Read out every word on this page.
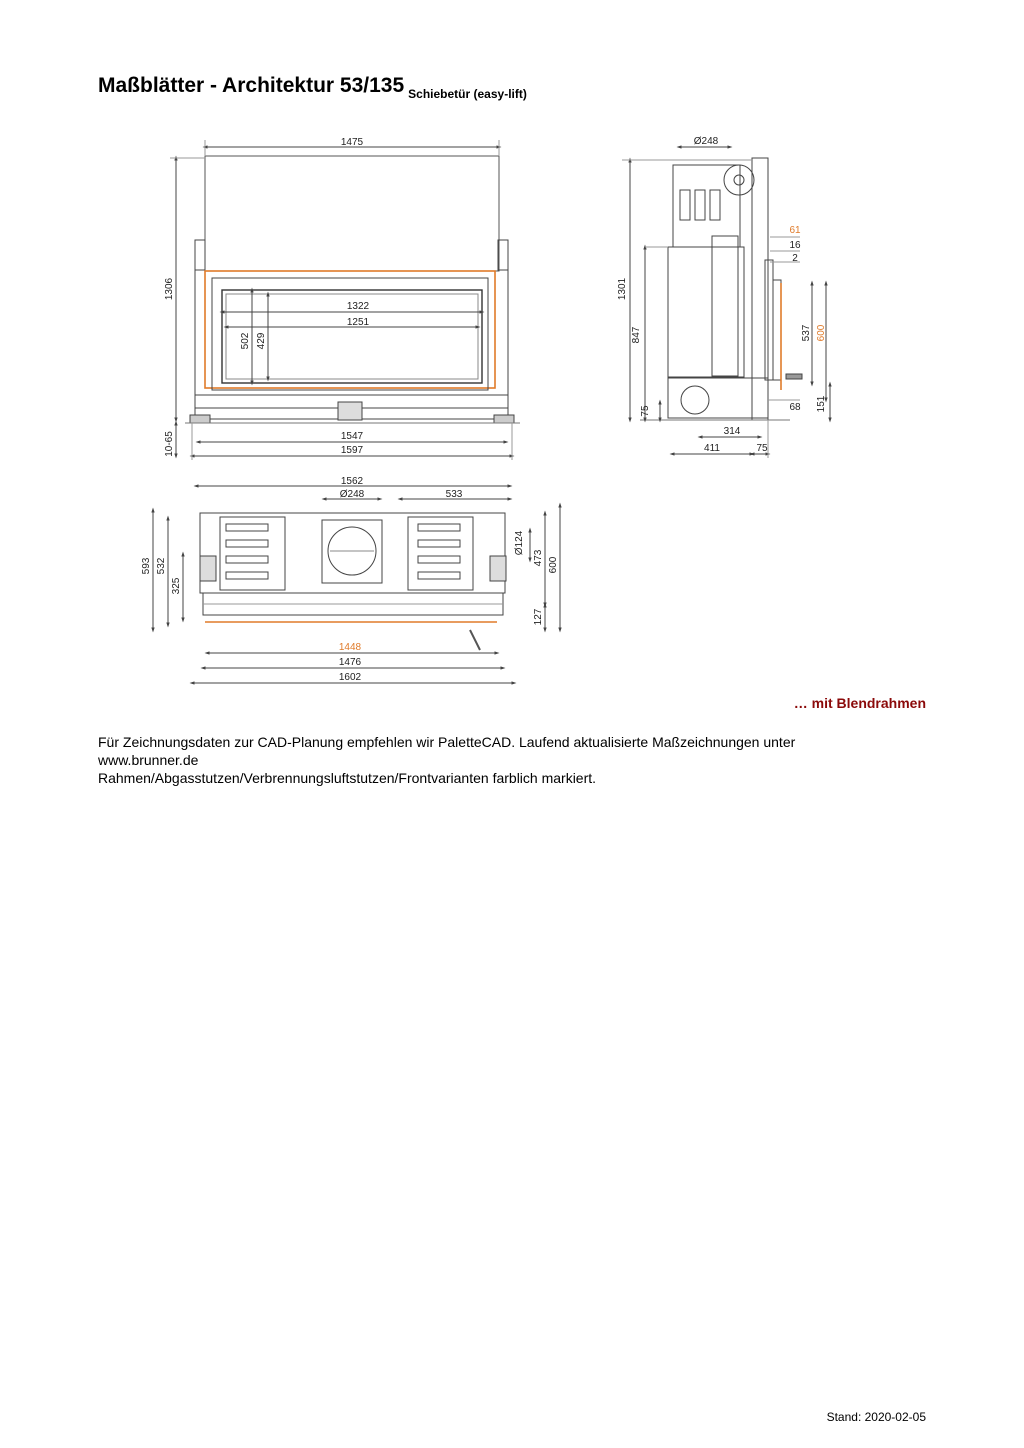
Maßblätter - Architektur 53/135 $_{Schiebetür (easy-lift)}$
1475
1306
1322
1251
502 429
1547
1597
10-65
Ø248
61
16
2
1301
847	537 600
75	68 151
314
411	75
1562
Ø248	533
Ø124
593 532
325
473 600
127
1448
1476
1602
… mit Blendrahmen
Für Zeichnungsdaten zur CAD-Planung empfehlen wir PaletteCAD. Laufend aktualisierte Maßzeichnungen unter www.brunner.de
Rahmen/Abgasstutzen/Verbrennungsluftstutzen/Frontvarianten farblich markiert.
Stand: 2020-02-05
